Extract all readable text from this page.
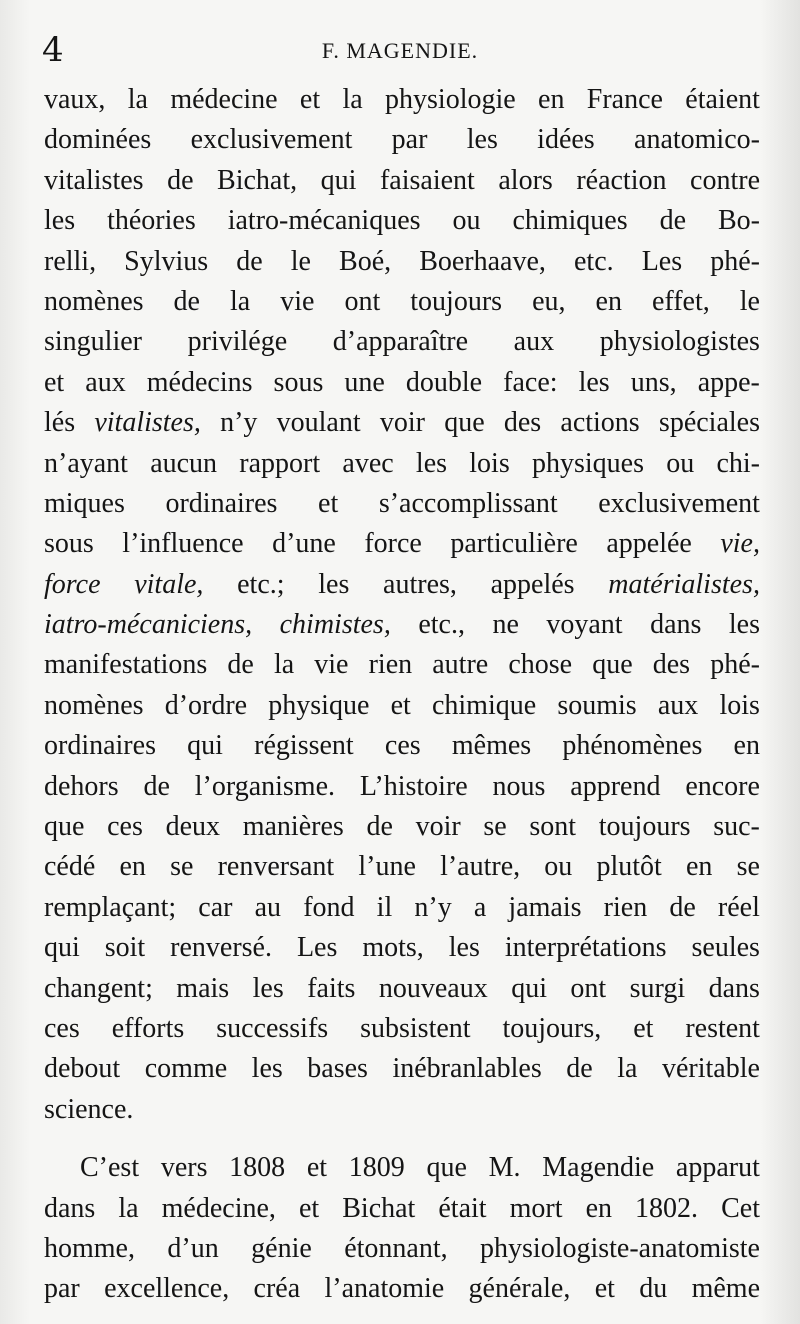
4	F. MAGENDIE.
vaux, la médecine et la physiologie en France étaient
dominées exclusivement par les idées anatomico-
vitalistes de Bichat, qui faisaient alors réaction contre
les théories iatro-mécaniques ou chimiques de Bo-
relli, Sylvius de le Boé, Boerhaave, etc. Les phé-
nomènes de la vie ont toujours eu, en effet, le
singulier privilége d’apparaître aux physiologistes
et aux médecins sous une double face: les uns, appe-
lés vitalistes, n’y voulant voir que des actions spéciales
n’ayant aucun rapport avec les lois physiques ou chi-
miques ordinaires et s’accomplissant exclusivement
sous l’influence d’une force particulière appelée vie,
force vitale, etc.; les autres, appelés matérialistes,
iatro-mécaniciens, chimistes, etc., ne voyant dans les
manifestations de la vie rien autre chose que des phé-
nomènes d’ordre physique et chimique soumis aux lois
ordinaires qui régissent ces mêmes phénomènes en
dehors de l’organisme. L’histoire nous apprend encore
que ces deux manières de voir se sont toujours suc-
cédé en se renversant l’une l’autre, ou plutôt en se
remplaçant; car au fond il n’y a jamais rien de réel
qui soit renversé. Les mots, les interprétations seules
changent; mais les faits nouveaux qui ont surgi dans
ces efforts successifs subsistent toujours, et restent
debout comme les bases inébranlables de la véritable
science.
C’est vers 1808 et 1809 que M. Magendie apparut
dans la médecine, et Bichat était mort en 1802. Cet
homme, d’un génie étonnant, physiologiste-anatomiste
par excellence, créa l’anatomie générale, et du même
